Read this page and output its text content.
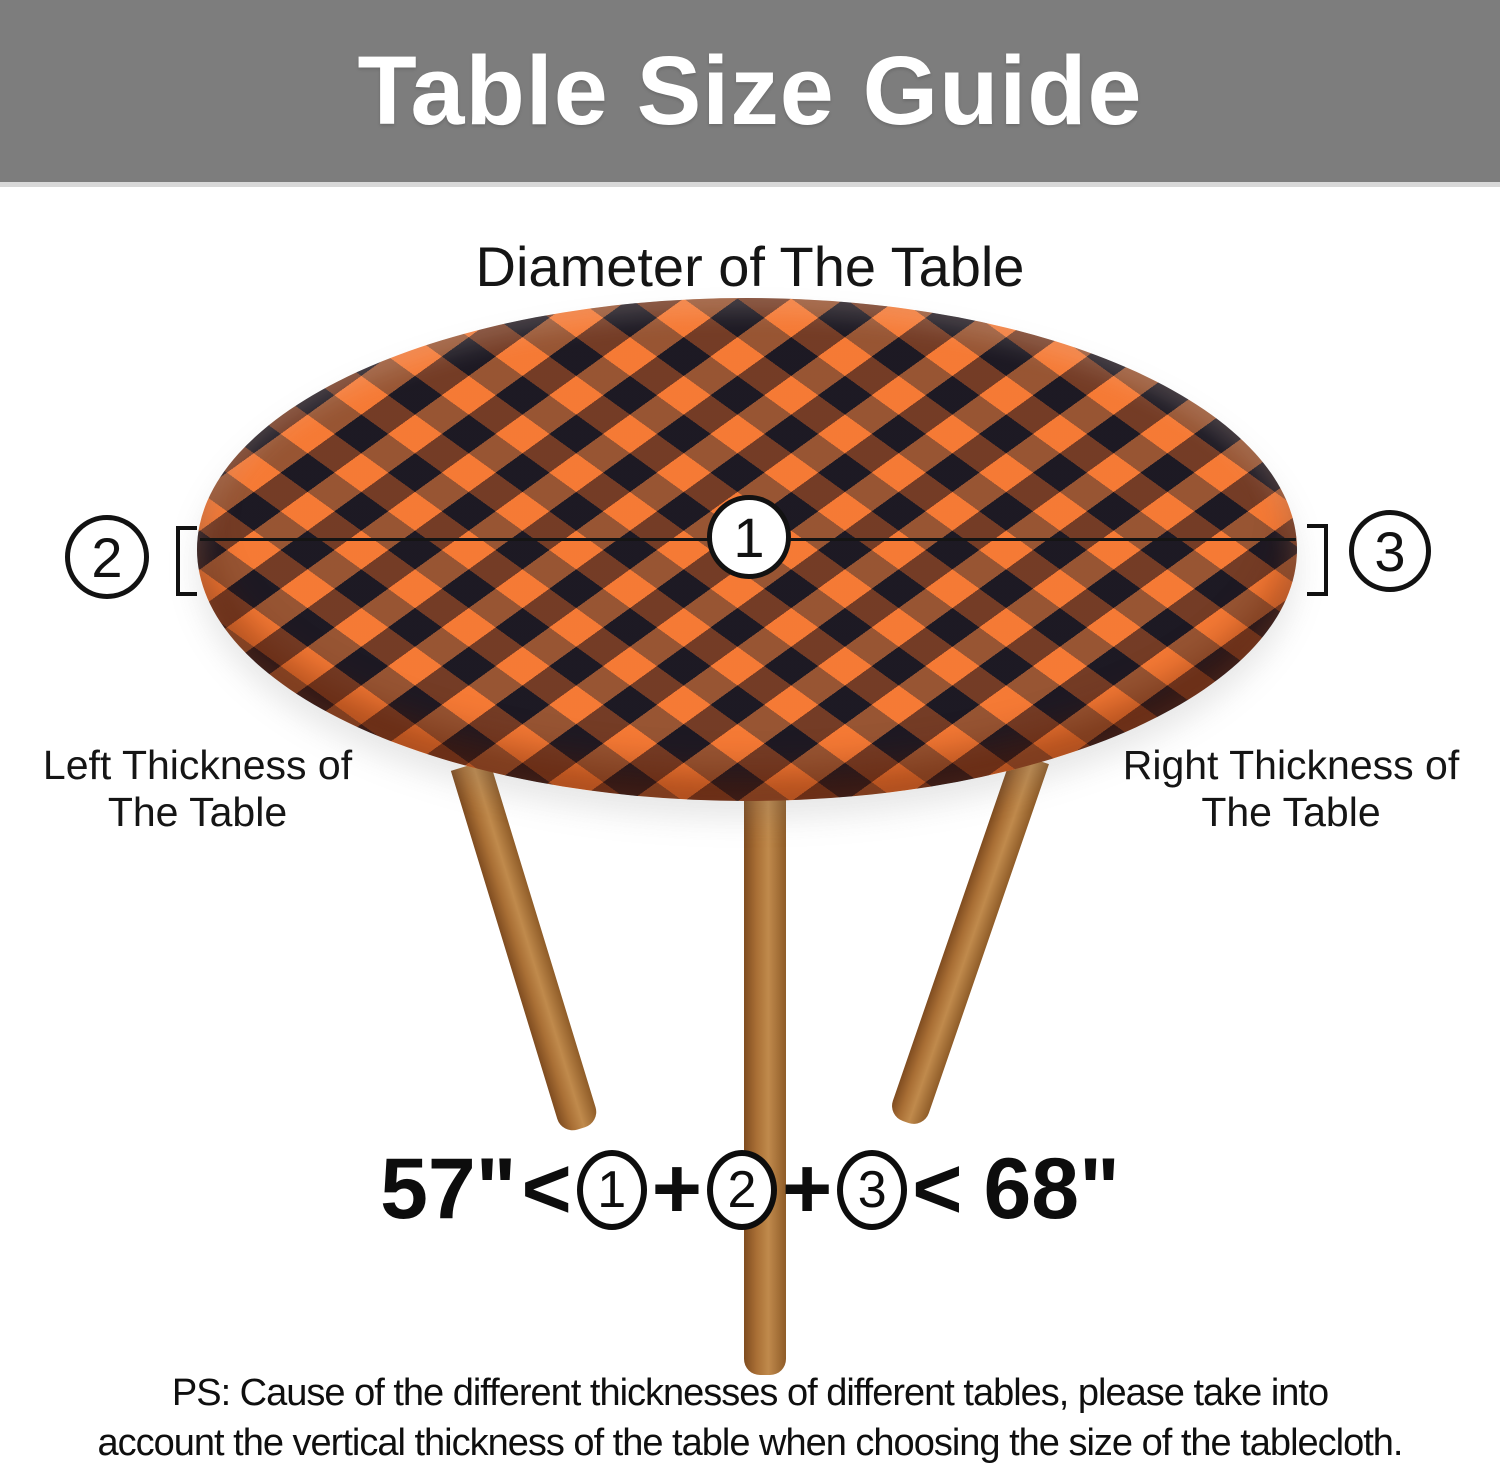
Table Size Guide
Diameter of The Table
1
2	3
Left Thickness of
The Table
Right Thickness of
The Table
57" < 1 + 2 + 3 < 68"
PS: Cause of the different thicknesses of different tables, please take into
account the vertical thickness of the table when choosing the size of the tablecloth.
